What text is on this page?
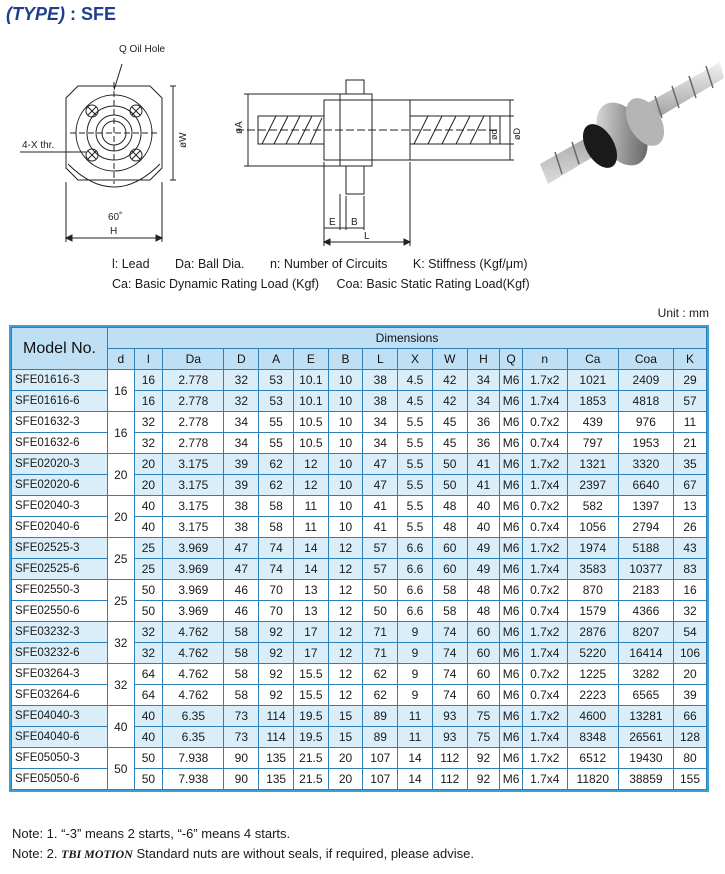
(TYPE) : SFE
Q Oil Hole
4-X thr.
60˚
H
øW
øA
E B
L
ød øD
l: Lead Da: Ball Dia. n: Number of Circuits K: Stiffness (Kgf/μm)
Ca: Basic Dynamic Rating Load (Kgf) Coa: Basic Static Rating Load(Kgf)
Unit : mm
Model No.	Dimensions															
	d	l	Da	D	A	E	B	L	X	W	H	Q	n	Ca	Coa	K
SFE01616-3	16	16	2.778	32	53	10.1	10	38	4.5	42	34	M6	1.7x2	1021	2409	29
SFE01616-6		16	2.778	32	53	10.1	10	38	4.5	42	34	M6	1.7x4	1853	4818	57
SFE01632-3	16	32	2.778	34	55	10.5	10	34	5.5	45	36	M6	0.7x2	439	976	11
SFE01632-6		32	2.778	34	55	10.5	10	34	5.5	45	36	M6	0.7x4	797	1953	21
SFE02020-3	20	20	3.175	39	62	12	10	47	5.5	50	41	M6	1.7x2	1321	3320	35
SFE02020-6		20	3.175	39	62	12	10	47	5.5	50	41	M6	1.7x4	2397	6640	67
SFE02040-3	20	40	3.175	38	58	11	10	41	5.5	48	40	M6	0.7x2	582	1397	13
SFE02040-6		40	3.175	38	58	11	10	41	5.5	48	40	M6	0.7x4	1056	2794	26
SFE02525-3	25	25	3.969	47	74	14	12	57	6.6	60	49	M6	1.7x2	1974	5188	43
SFE02525-6		25	3.969	47	74	14	12	57	6.6	60	49	M6	1.7x4	3583	10377	83
SFE02550-3	25	50	3.969	46	70	13	12	50	6.6	58	48	M6	0.7x2	870	2183	16
SFE02550-6		50	3.969	46	70	13	12	50	6.6	58	48	M6	0.7x4	1579	4366	32
SFE03232-3	32	32	4.762	58	92	17	12	71	9	74	60	M6	1.7x2	2876	8207	54
SFE03232-6		32	4.762	58	92	17	12	71	9	74	60	M6	1.7x4	5220	16414	106
SFE03264-3	32	64	4.762	58	92	15.5	12	62	9	74	60	M6	0.7x2	1225	3282	20
SFE03264-6		64	4.762	58	92	15.5	12	62	9	74	60	M6	0.7x4	2223	6565	39
SFE04040-3	40	40	6.35	73	114	19.5	15	89	11	93	75	M6	1.7x2	4600	13281	66
SFE04040-6		40	6.35	73	114	19.5	15	89	11	93	75	M6	1.7x4	8348	26561	128
SFE05050-3	50	50	7.938	90	135	21.5	20	107	14	112	92	M6	1.7x2	6512	19430	80
SFE05050-6		50	7.938	90	135	21.5	20	107	14	112	92	M6	1.7x4	11820	38859	155
Note: 1. “-3” means 2 starts, “-6” means 4 starts.
Note: 2. TBI MOTION Standard nuts are without seals, if required, please advise.
